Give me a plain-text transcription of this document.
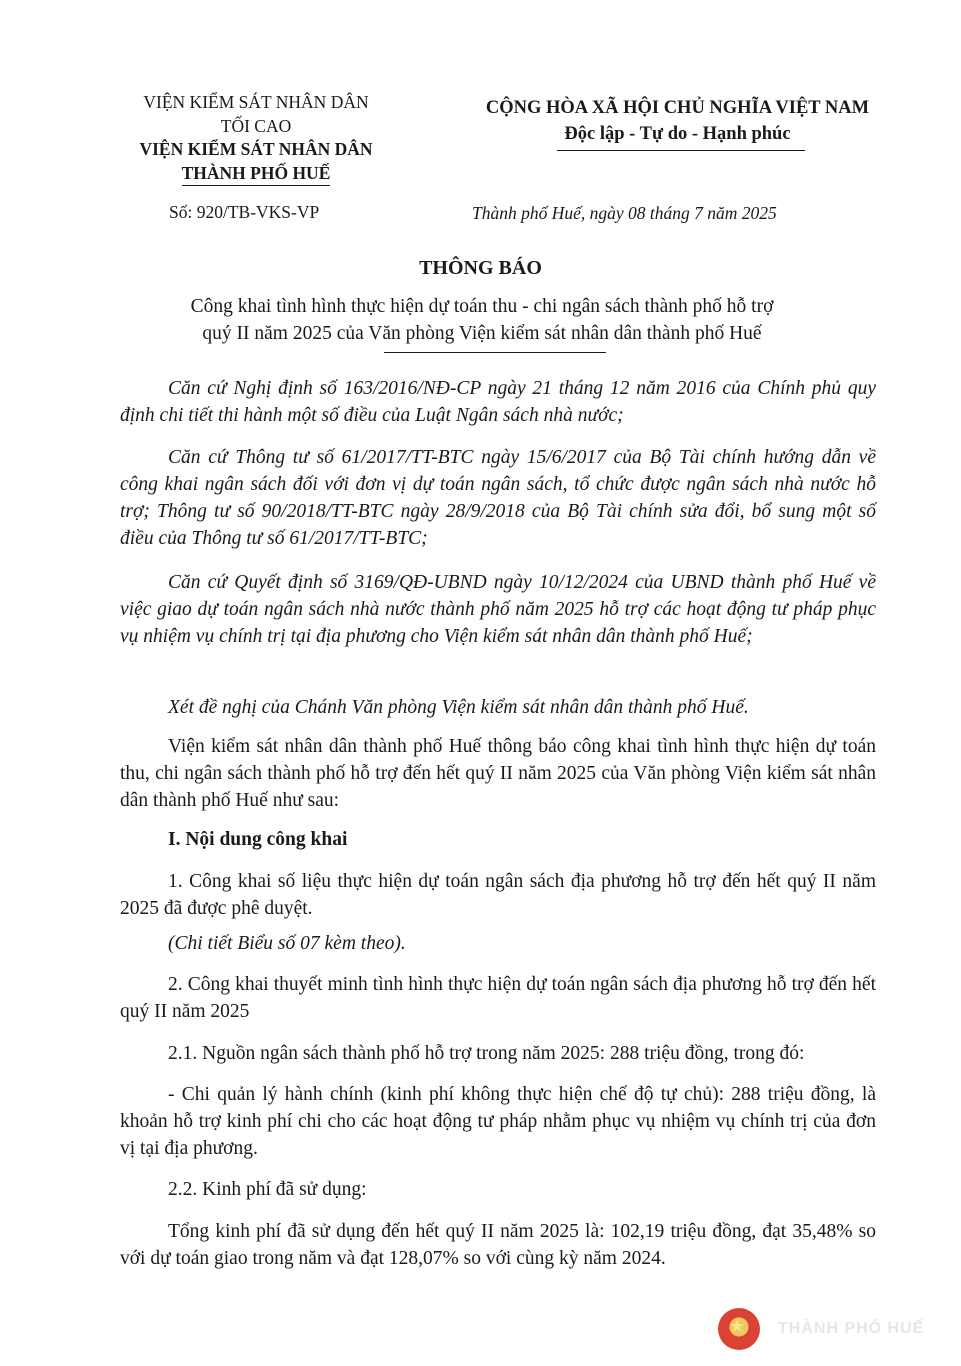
VIỆN KIỂM SÁT NHÂN DÂN
TỐI CAO
VIỆN KIỂM SÁT NHÂN DÂN
THÀNH PHỐ HUẾ
CỘNG HÒA XÃ HỘI CHỦ NGHĨA VIỆT NAM
Độc lập - Tự do - Hạnh phúc
Số: 920/TB-VKS-VP	Thành phố Huế, ngày 08 tháng 7 năm 2025
THÔNG BÁO
Công khai tình hình thực hiện dự toán thu - chi ngân sách thành phố hỗ trợ
quý II năm 2025 của Văn phòng Viện kiểm sát nhân dân thành phố Huế
Căn cứ Nghị định số 163/2016/NĐ-CP ngày 21 tháng 12 năm 2016 của Chính phủ quy định chi tiết thi hành một số điều của Luật Ngân sách nhà nước;
Căn cứ Thông tư số 61/2017/TT-BTC ngày 15/6/2017 của Bộ Tài chính hướng dẫn về công khai ngân sách đối với đơn vị dự toán ngân sách, tổ chức được ngân sách nhà nước hỗ trợ; Thông tư số 90/2018/TT-BTC ngày 28/9/2018 của Bộ Tài chính sửa đổi, bổ sung một số điều của Thông tư số 61/2017/TT-BTC;
Căn cứ Quyết định số 3169/QĐ-UBND ngày 10/12/2024 của UBND thành phố Huế về việc giao dự toán ngân sách nhà nước thành phố năm 2025 hỗ trợ các hoạt động tư pháp phục vụ nhiệm vụ chính trị tại địa phương cho Viện kiểm sát nhân dân thành phố Huế;
Xét đề nghị của Chánh Văn phòng Viện kiểm sát nhân dân thành phố Huế.
Viện kiểm sát nhân dân thành phố Huế thông báo công khai tình hình thực hiện dự toán thu, chi ngân sách thành phố hỗ trợ đến hết quý II năm 2025 của Văn phòng Viện kiểm sát nhân dân thành phố Huế như sau:
I. Nội dung công khai
1. Công khai số liệu thực hiện dự toán ngân sách địa phương hỗ trợ đến hết quý II năm 2025 đã được phê duyệt.
(Chi tiết Biểu số 07 kèm theo).
2. Công khai thuyết minh tình hình thực hiện dự toán ngân sách địa phương hỗ trợ đến hết quý II năm 2025
2.1. Nguồn ngân sách thành phố hỗ trợ trong năm 2025: 288 triệu đồng, trong đó:
- Chi quản lý hành chính (kinh phí không thực hiện chế độ tự chủ): 288 triệu đồng, là khoản hỗ trợ kinh phí chi cho các hoạt động tư pháp nhằm phục vụ nhiệm vụ chính trị của đơn vị tại địa phương.
2.2. Kinh phí đã sử dụng:
Tổng kinh phí đã sử dụng đến hết quý II năm 2025 là: 102,19 triệu đồng, đạt 35,48% so với dự toán giao trong năm và đạt 128,07% so với cùng kỳ năm 2024.
★ THÀNH PHỐ HUẾ
